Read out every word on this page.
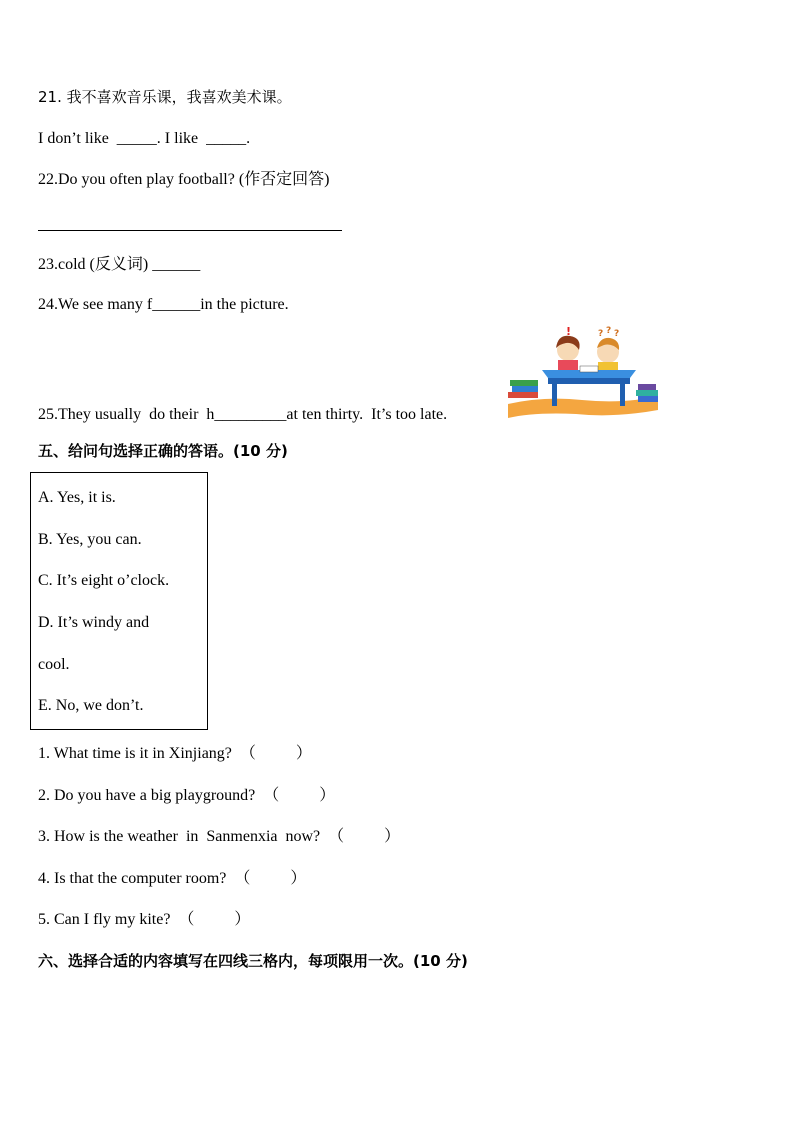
21. 我不喜欢音乐课，我喜欢美术课。
I don’t like  _____. I like  _____.
22.Do you often play football? (作否定回答)
23.cold (反义词) ______
24.We see many f______in the picture.
!	? ? ?
25.They usually  do their  h_________at ten thirty.  It’s too late.
五、给问句选择正确的答语。(10 分)
A. Yes, it is.
B. Yes, you can.
C. It’s eight o’clock.
D. It’s windy and
cool.
E. No, we don’t.
1. What time is it in Xinjiang?  （          ）
2. Do you have a big playground?  （          ）
3. How is the weather  in  Sanmenxia  now?  （          ）
4. Is that the computer room?  （          ）
5. Can I fly my kite?  （          ）
六、选择合适的内容填写在四线三格内，每项限用一次。(10 分)
